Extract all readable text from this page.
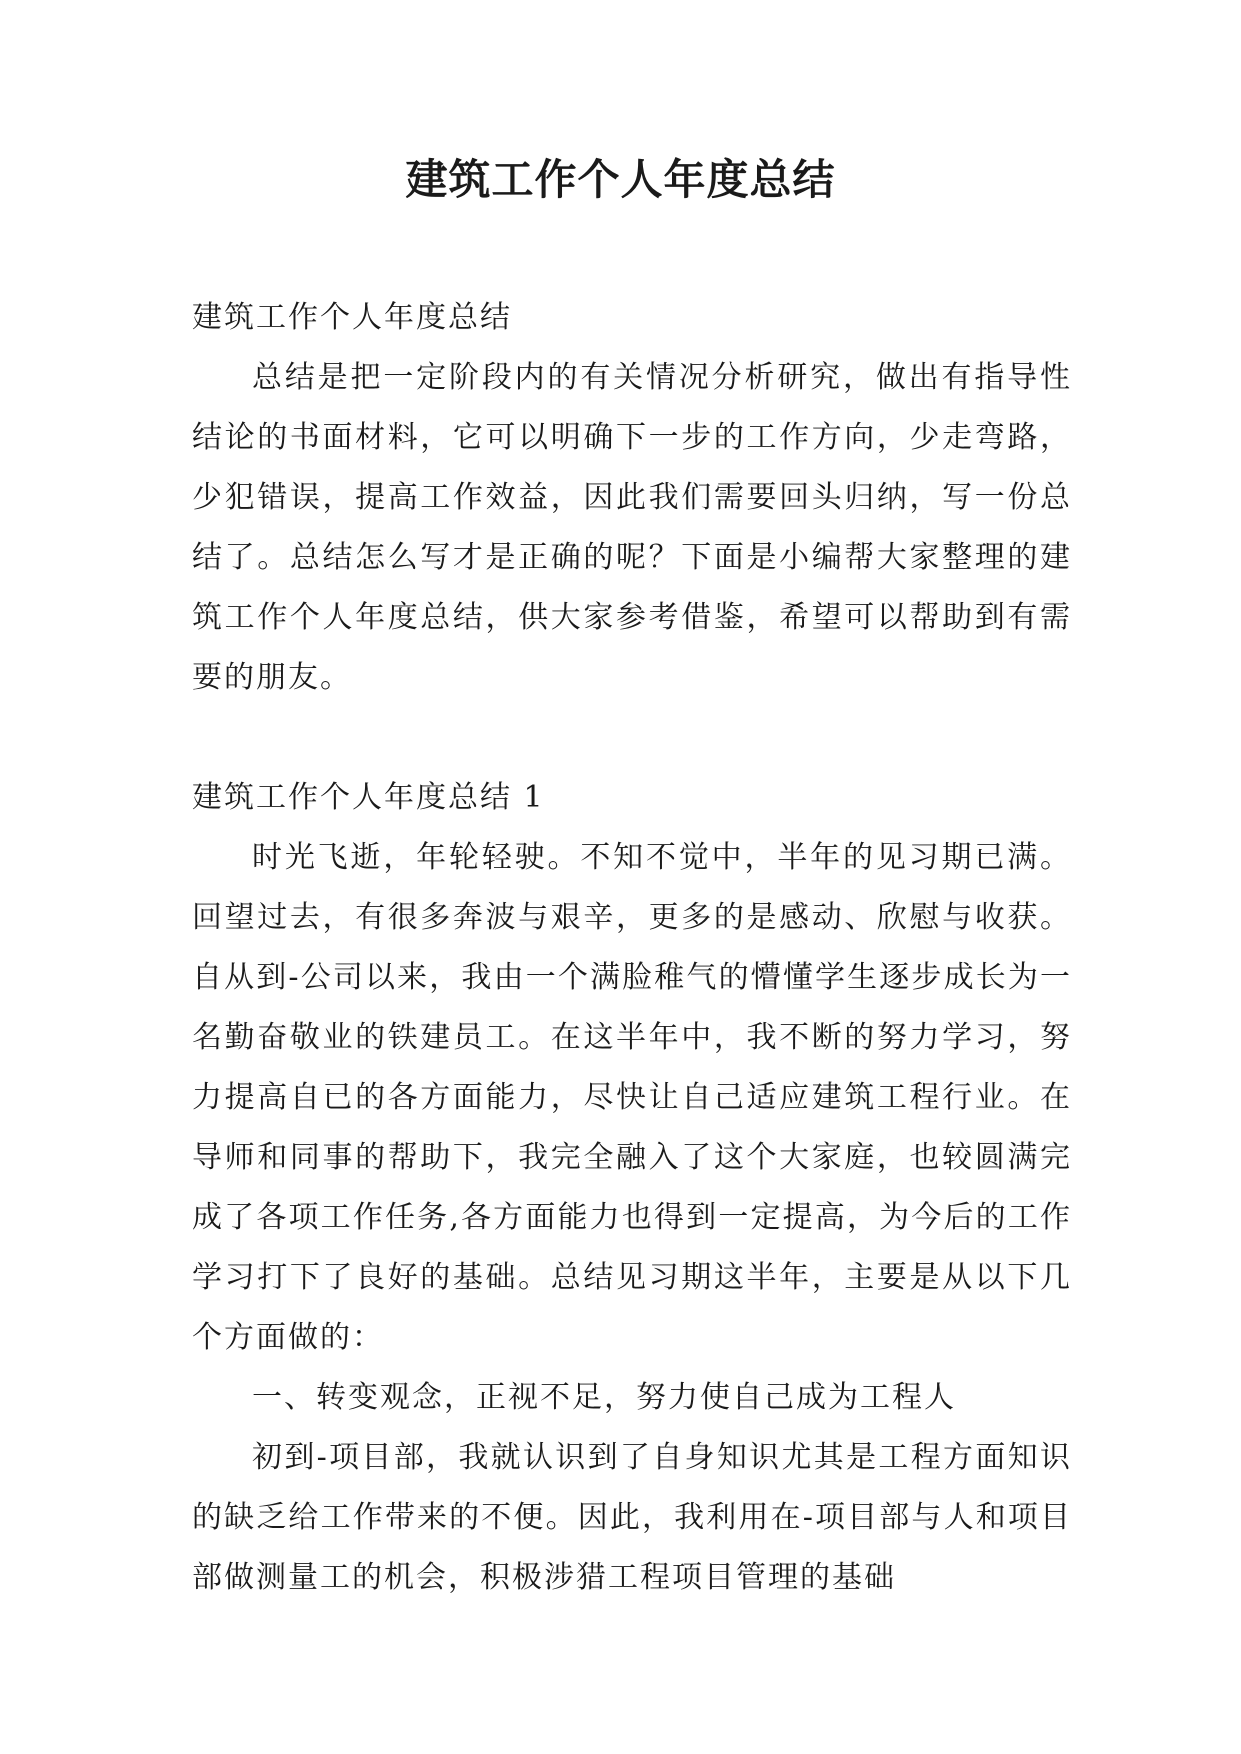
建筑工作个人年度总结

建筑工作个人年度总结

总结是把一定阶段内的有关情况分析研究，做出有指导性结论的书面材料，它可以明确下一步的工作方向，少走弯路，少犯错误，提高工作效益，因此我们需要回头归纳，写一份总结了。总结怎么写才是正确的呢？下面是小编帮大家整理的建筑工作个人年度总结，供大家参考借鉴，希望可以帮助到有需要的朋友。

建筑工作个人年度总结 1

时光飞逝，年轮轻驶。不知不觉中，半年的见习期已满。回望过去，有很多奔波与艰辛，更多的是感动、欣慰与收获。自从到-公司以来，我由一个满脸稚气的懵懂学生逐步成长为一名勤奋敬业的铁建员工。在这半年中，我不断的努力学习，努力提高自已的各方面能力，尽快让自己适应建筑工程行业。在导师和同事的帮助下，我完全融入了这个大家庭，也较圆满完成了各项工作任务,各方面能力也得到一定提高，为今后的工作学习打下了良好的基础。总结见习期这半年，主要是从以下几个方面做的：

一、转变观念，正视不足，努力使自己成为工程人

初到-项目部，我就认识到了自身知识尤其是工程方面知识的缺乏给工作带来的不便。因此，我利用在-项目部与人和项目部做测量工的机会，积极涉猎工程项目管理的基础
